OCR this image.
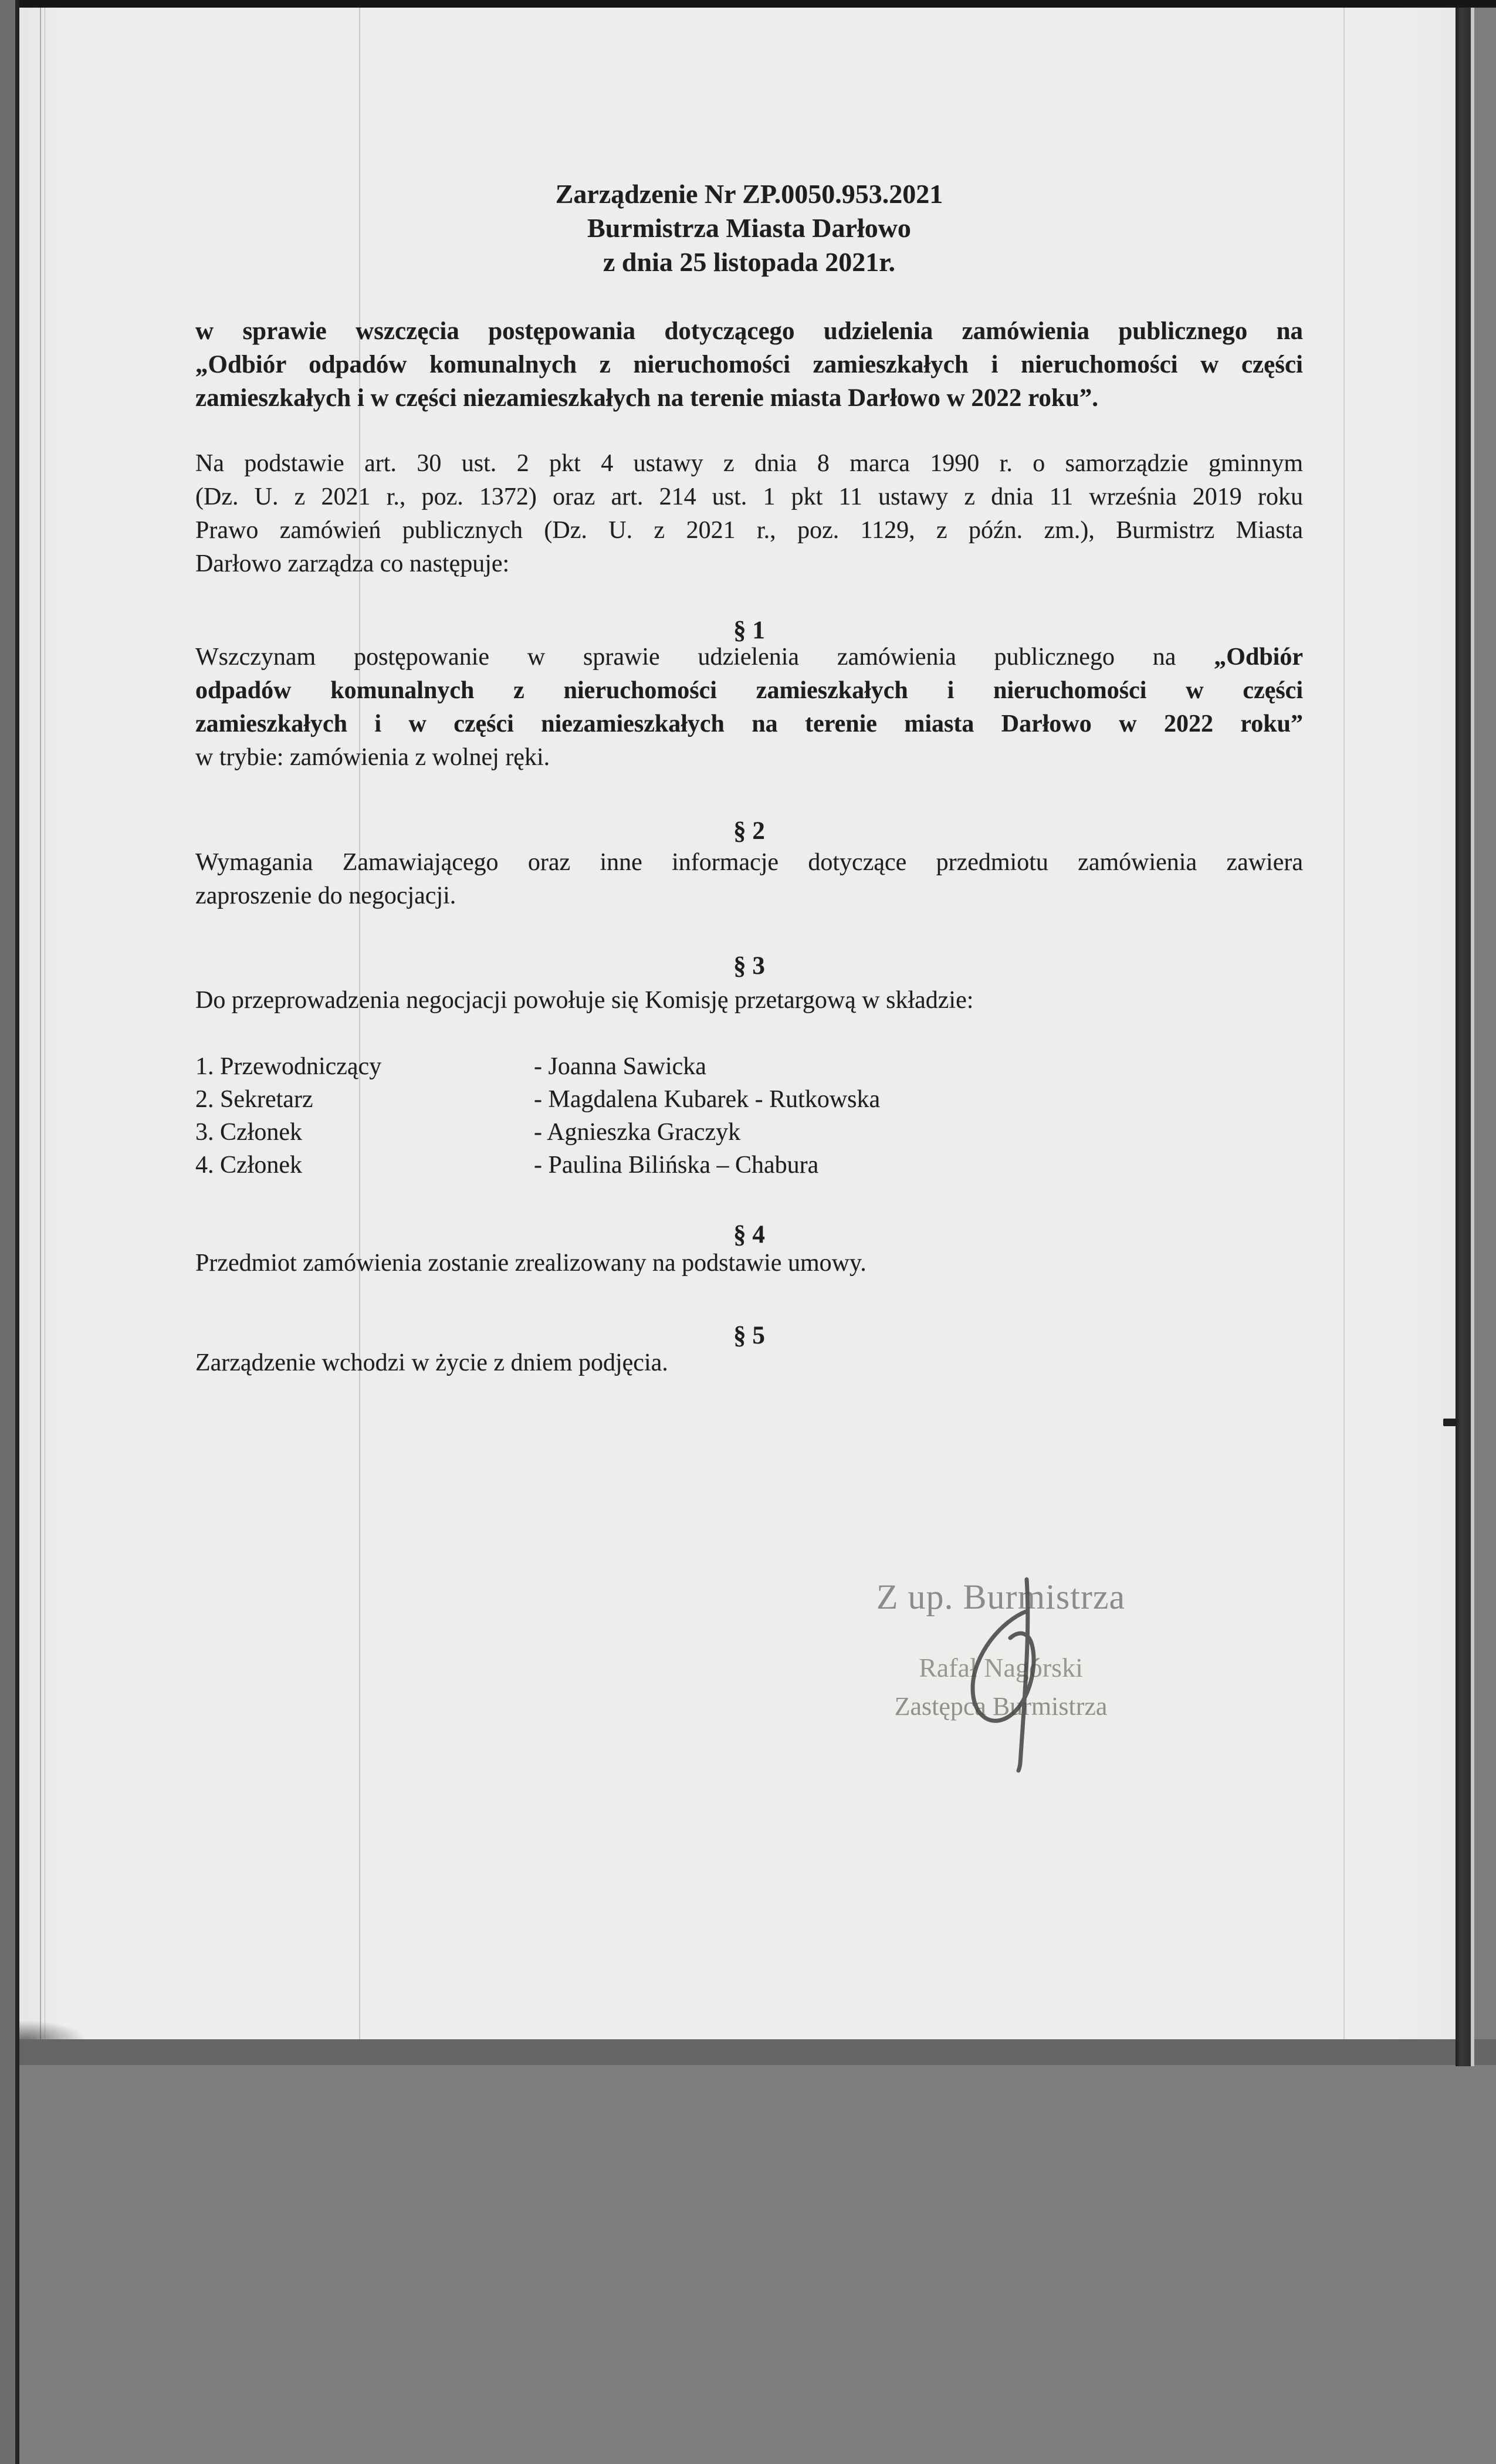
Zarządzenie Nr ZP.0050.953.2021
Burmistrza Miasta Darłowo
z dnia 25 listopada 2021r.
w sprawie wszczęcia postępowania dotyczącego udzielenia zamówienia publicznego na
„Odbiór odpadów komunalnych z nieruchomości zamieszkałych i nieruchomości w części
zamieszkałych i w części niezamieszkałych na terenie miasta Darłowo w 2022 roku”.
Na podstawie art. 30 ust. 2 pkt 4 ustawy z dnia 8 marca 1990 r. o samorządzie gminnym
(Dz. U. z 2021 r., poz. 1372) oraz art. 214 ust. 1 pkt 11 ustawy z dnia 11 września 2019 roku
Prawo zamówień publicznych (Dz. U. z 2021 r., poz. 1129, z późn. zm.), Burmistrz Miasta
Darłowo zarządza co następuje:
§ 1
Wszczynam postępowanie w sprawie udzielenia zamówienia publicznego na „Odbiór
odpadów komunalnych z nieruchomości zamieszkałych i nieruchomości w części
zamieszkałych i w części niezamieszkałych na terenie miasta Darłowo w 2022 roku”
w trybie: zamówienia z wolnej ręki.
§ 2
Wymagania Zamawiającego oraz inne informacje dotyczące przedmiotu zamówienia zawiera
zaproszenie do negocjacji.
§ 3
Do przeprowadzenia negocjacji powołuje się Komisję przetargową w składzie:
1. Przewodniczący	- Joanna Sawicka
2. Sekretarz	- Magdalena Kubarek - Rutkowska
3. Członek	- Agnieszka Graczyk
4. Członek	- Paulina Bilińska – Chabura
§ 4
Przedmiot zamówienia zostanie zrealizowany na podstawie umowy.
§ 5
Zarządzenie wchodzi w życie z dniem podjęcia.
Z up. Burmistrza
Rafał Nagórski
Zastępca Burmistrza
